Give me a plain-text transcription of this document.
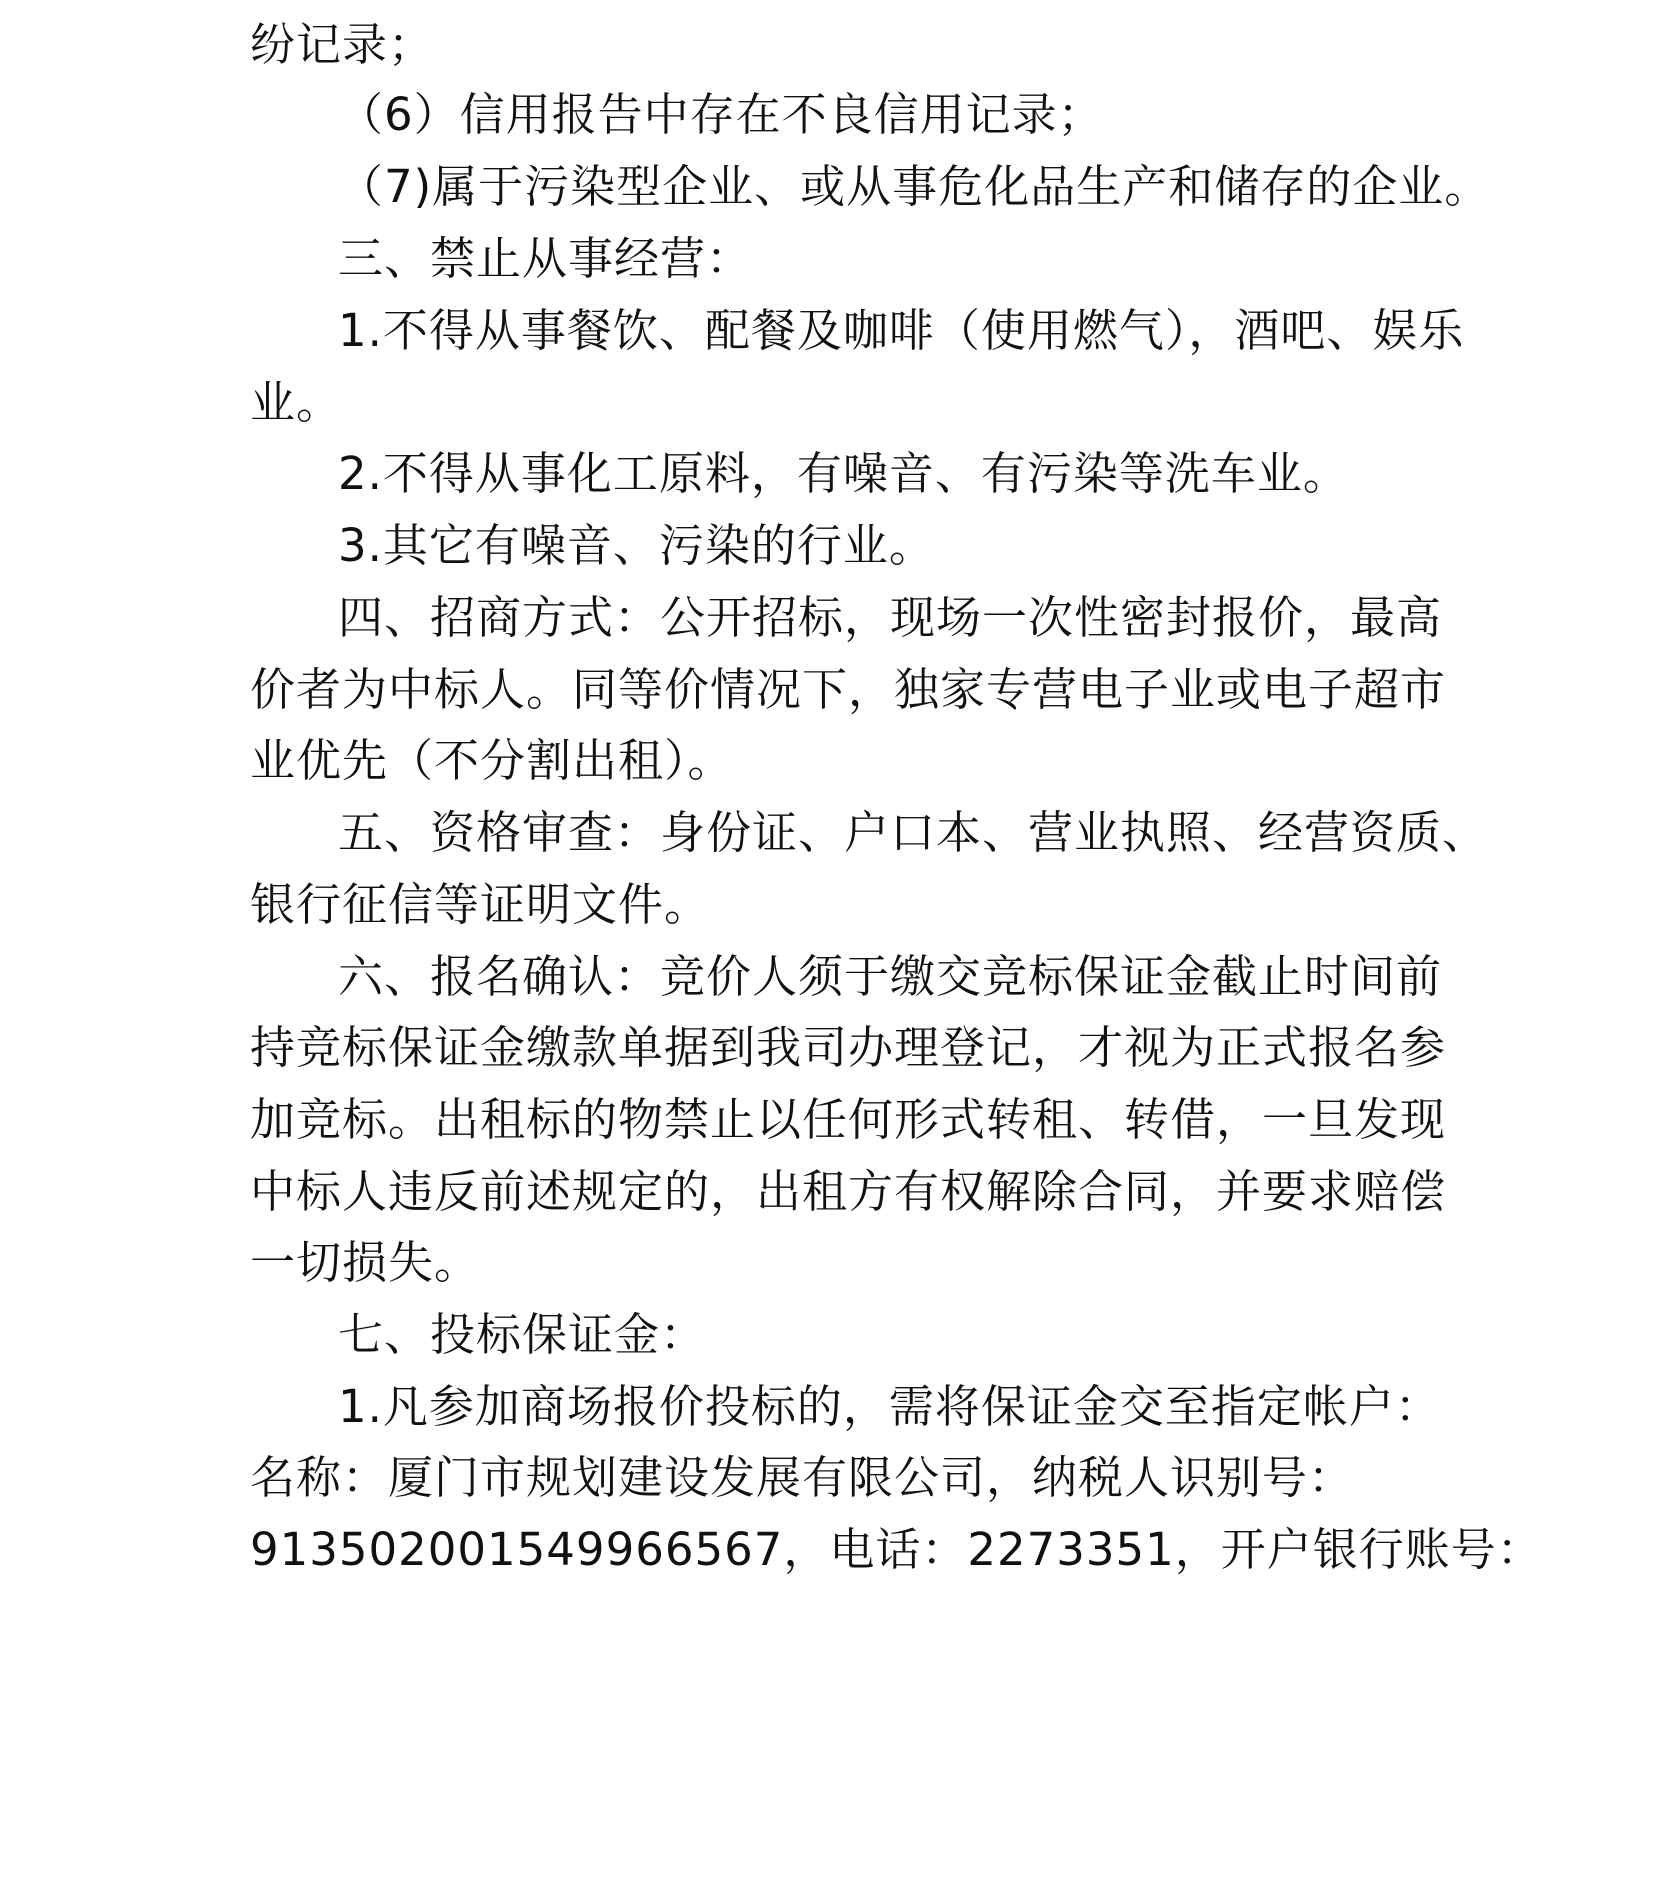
纷记录；
（6）信用报告中存在不良信用记录；
（7)属于污染型企业、或从事危化品生产和储存的企业。
三、禁止从事经营：
1.不得从事餐饮、配餐及咖啡（使用燃气），酒吧、娱乐
业。
2.不得从事化工原料，有噪音、有污染等洗车业。
3.其它有噪音、污染的行业。
四、招商方式：公开招标，现场一次性密封报价，最高
价者为中标人。同等价情况下，独家专营电子业或电子超市
业优先（不分割出租）。
五、资格审查：身份证、户口本、营业执照、经营资质、
银行征信等证明文件。
六、报名确认：竞价人须于缴交竞标保证金截止时间前
持竞标保证金缴款单据到我司办理登记，才视为正式报名参
加竞标。出租标的物禁止以任何形式转租、转借，一旦发现
中标人违反前述规定的，出租方有权解除合同，并要求赔偿
一切损失。
七、投标保证金：
1.凡参加商场报价投标的，需将保证金交至指定帐户：
名称：厦门市规划建设发展有限公司，纳税人识别号：
913502001549966567，电话：2273351，开户银行账号：
